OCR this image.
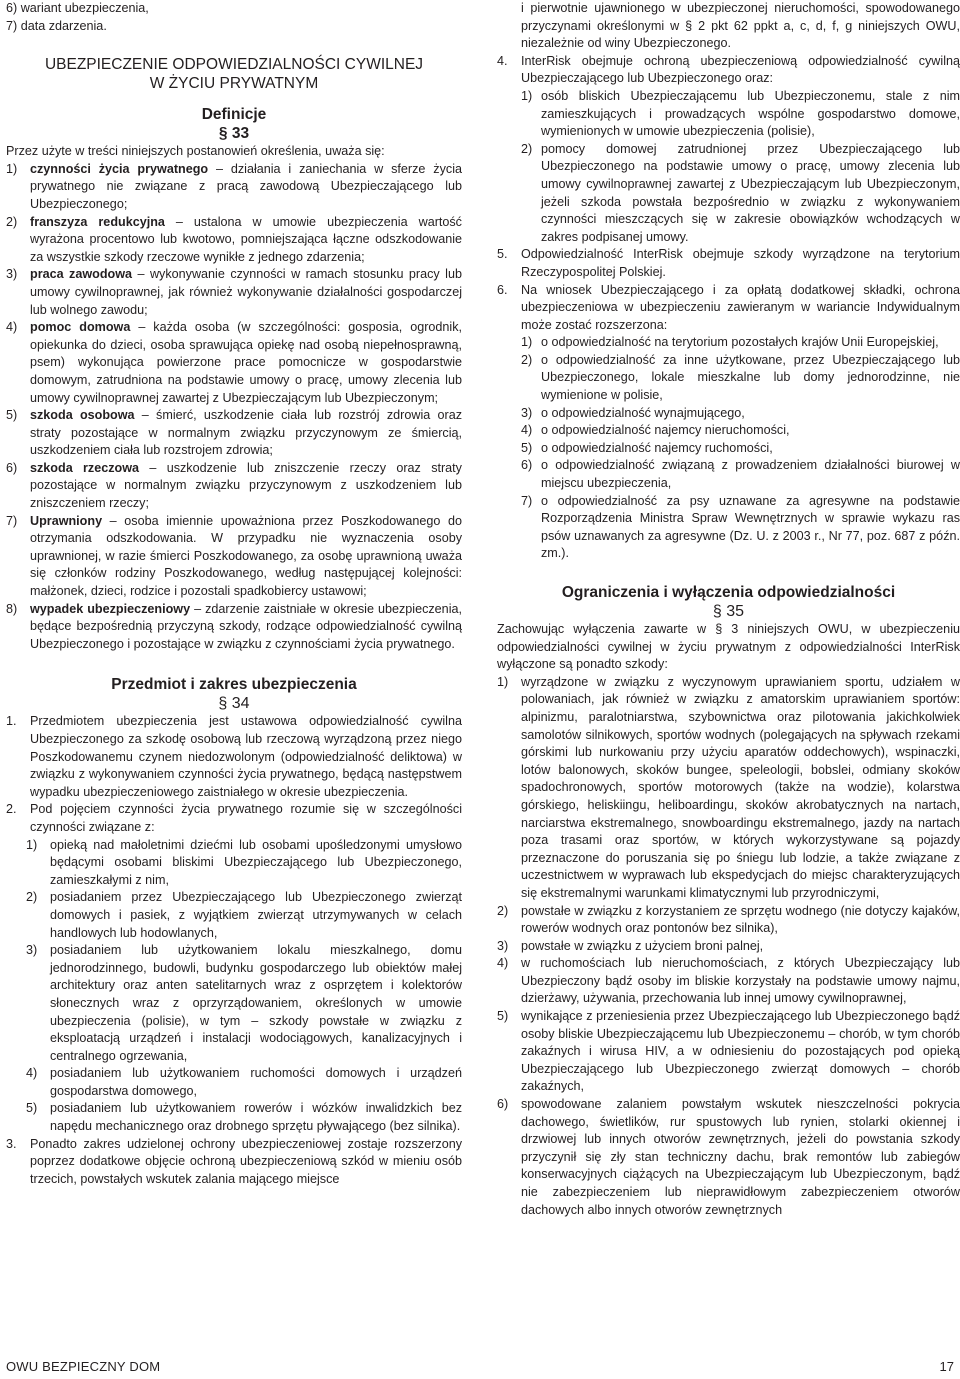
6) wariant ubezpieczenia,

7) data zdarzenia.

UBEZPIECZENIE ODPOWIEDZIALNOŚCI CYWILNEJ

W ŻYCIU PRYWATNYM

Definicje

§ 33

Przez użyte w treści niniejszych postanowień określenia, uważa się:

1) czynności życia prywatnego – działania i zaniechania w sferze życia prywatnego nie związane z pracą zawodową Ubezpieczającego lub Ubezpieczonego;
2) franszyza redukcyjna – ustalona w umowie ubezpieczenia wartość wyrażona procentowo lub kwotowo, pomniejszająca łączne odszkodowanie za wszystkie szkody rzeczowe wynikłe z jednego zdarzenia;
3) praca zawodowa – wykonywanie czynności w ramach stosunku pracy lub umowy cywilnoprawnej, jak również wykonywanie działalności gospodarczej lub wolnego zawodu;
4) pomoc domowa – każda osoba (w szczególności: gosposia, ogrodnik, opiekunka do dzieci, osoba sprawująca opiekę nad osobą niepełnosprawną, psem) wykonująca powierzone prace pomocnicze w gospodarstwie domowym, zatrudniona na podstawie umowy o pracę, umowy zlecenia lub umowy cywilnoprawnej zawartej z Ubezpieczającym lub Ubezpieczonym;
5) szkoda osobowa – śmierć, uszkodzenie ciała lub rozstrój zdrowia oraz straty pozostające w normalnym związku przyczynowym ze śmiercią, uszkodzeniem ciała lub rozstrojem zdrowia;
6) szkoda rzeczowa – uszkodzenie lub zniszczenie rzeczy oraz straty pozostające w normalnym związku przyczynowym z uszkodzeniem lub zniszczeniem rzeczy;
7) Uprawniony – osoba imiennie upoważniona przez Poszkodowanego do otrzymania odszkodowania. W przypadku nie wyznaczenia osoby uprawnionej, w razie śmierci Poszkodowanego, za osobę uprawnioną uważa się członków rodziny Poszkodowanego, według następującej kolejności: małżonek, dzieci, rodzice i pozostali spadkobiercy ustawowi;
8) wypadek ubezpieczeniowy – zdarzenie zaistniałe w okresie ubezpieczenia, będące bezpośrednią przyczyną szkody, rodzące odpowiedzialność cywilną Ubezpieczonego i pozostające w związku z czynnościami życia prywatnego.

Przedmiot i zakres ubezpieczenia

§ 34

1. Przedmiotem ubezpieczenia jest ustawowa odpowiedzialność cywilna Ubezpieczonego za szkodę osobową lub rzeczową wyrządzoną przez niego Poszkodowanemu czynem niedozwolonym (odpowiedzialność deliktowa) w związku z wykonywaniem czynności życia prywatnego, będącą następstwem wypadku ubezpieczeniowego zaistniałego w okresie ubezpieczenia.
2. Pod pojęciem czynności życia prywatnego rozumie się w szczególności czynności związane z:
1) opieką nad małoletnimi dziećmi lub osobami upośledzonymi umysłowo będącymi osobami bliskimi Ubezpieczającego lub Ubezpieczonego, zamieszkałymi z nim,
2) posiadaniem przez Ubezpieczającego lub Ubezpieczonego zwierząt domowych i pasiek, z wyjątkiem zwierząt utrzymywanych w celach handlowych lub hodowlanych,
3) posiadaniem lub użytkowaniem lokalu mieszkalnego, domu jednorodzinnego, budowli, budynku gospodarczego lub obiektów małej architektury oraz anten satelitarnych wraz z osprzętem i kolektorów słonecznych wraz z oprzyrządowaniem, określonych w umowie ubezpieczenia (polisie), w tym – szkody powstałe w związku z eksploatacją urządzeń i instalacji wodociągowych, kanalizacyjnych i centralnego ogrzewania,
4) posiadaniem lub użytkowaniem ruchomości domowych i urządzeń gospodarstwa domowego,
5) posiadaniem lub użytkowaniem rowerów i wózków inwalidzkich bez napędu mechanicznego oraz drobnego sprzętu pływającego (bez silnika).
3. Ponadto zakres udzielonej ochrony ubezpieczeniowej zostaje rozszerzony poprzez dodatkowe objęcie ochroną ubezpieczeniową szkód w mieniu osób trzecich, powstałych wskutek zalania mającego miejsce

i pierwotnie ujawnionego w ubezpieczonej nieruchomości, spowodowanego przyczynami określonymi w § 2 pkt 62 ppkt a, c, d, f, g niniejszych OWU, niezależnie od winy Ubezpieczonego.

4. InterRisk obejmuje ochroną ubezpieczeniową odpowiedzialność cywilną Ubezpieczającego lub Ubezpieczonego oraz:
1) osób bliskich Ubezpieczającemu lub Ubezpieczonemu, stale z nim zamieszkujących i prowadzących wspólne gospodarstwo domowe, wymienionych w umowie ubezpieczenia (polisie),
2) pomocy domowej zatrudnionej przez Ubezpieczającego lub Ubezpieczonego na podstawie umowy o pracę, umowy zlecenia lub umowy cywilnoprawnej zawartej z Ubezpieczającym lub Ubezpieczonym, jeżeli szkoda powstała bezpośrednio w związku z wykonywaniem czynności mieszczących się w zakresie obowiązków wchodzących w zakres podpisanej umowy.
5. Odpowiedzialność InterRisk obejmuje szkody wyrządzone na terytorium Rzeczypospolitej Polskiej.
6. Na wniosek Ubezpieczającego i za opłatą dodatkowej składki, ochrona ubezpieczeniowa w ubezpieczeniu zawieranym w wariancie Indywidualnym może zostać rozszerzona:
1) o odpowiedzialność na terytorium pozostałych krajów Unii Europejskiej,
2) o odpowiedzialność za inne użytkowane, przez Ubezpieczającego lub Ubezpieczonego, lokale mieszkalne lub domy jednorodzinne, nie wymienione w polisie,
3) o odpowiedzialność wynajmującego,
4) o odpowiedzialność najemcy nieruchomości,
5) o odpowiedzialność najemcy ruchomości,
6) o odpowiedzialność związaną z prowadzeniem działalności biurowej w miejscu ubezpieczenia,
7) o odpowiedzialność za psy uznawane za agresywne na podstawie Rozporządzenia Ministra Spraw Wewnętrznych w sprawie wykazu ras psów uznawanych za agresywne (Dz. U. z 2003 r., Nr 77, poz. 687 z późn. zm.).

Ograniczenia i wyłączenia odpowiedzialności

§ 35

Zachowując wyłączenia zawarte w § 3 niniejszych OWU, w ubezpieczeniu odpowiedzialności cywilnej w życiu prywatnym z odpowiedzialności InterRisk wyłączone są ponadto szkody:

1) wyrządzone w związku z wyczynowym uprawianiem sportu, udziałem w polowaniach, jak również w związku z amatorskim uprawianiem sportów: alpinizmu, paralotniarstwa, szybownictwa oraz pilotowania jakichkolwiek samolotów silnikowych, sportów wodnych (polegających na spływach rzekami górskimi lub nurkowaniu przy użyciu aparatów oddechowych), wspinaczki, lotów balonowych, skoków bungee, speleologii, bobslei, odmiany skoków spadochronowych, sportów motorowych (także na wodzie), kolarstwa górskiego, heliskiingu, heliboardingu, skoków akrobatycznych na nartach, narciarstwa ekstremalnego, snowboardingu ekstremalnego, jazdy na nartach poza trasami oraz sportów, w których wykorzystywane są pojazdy przeznaczone do poruszania się po śniegu lub lodzie, a także związane z uczestnictwem w wyprawach lub ekspedycjach do miejsc charakteryzujących się ekstremalnymi warunkami klimatycznymi lub przyrodniczymi,
2) powstałe w związku z korzystaniem ze sprzętu wodnego (nie dotyczy kajaków, rowerów wodnych oraz pontonów bez silnika),
3) powstałe w związku z użyciem broni palnej,
4) w ruchomościach lub nieruchomościach, z których Ubezpieczający lub Ubezpieczony bądź osoby im bliskie korzystały na podstawie umowy najmu, dzierżawy, używania, przechowania lub innej umowy cywilnoprawnej,
5) wynikające z przeniesienia przez Ubezpieczającego lub Ubezpieczonego bądź osoby bliskie Ubezpieczającemu lub Ubezpieczonemu – chorób, w tym chorób zakaźnych i wirusa HIV, a w odniesieniu do pozostających pod opieką Ubezpieczającego lub Ubezpieczonego zwierząt domowych – chorób zakaźnych,
6) spowodowane zalaniem powstałym wskutek nieszczelności pokrycia dachowego, świetlików, rur spustowych lub rynien, stolarki okiennej i drzwiowej lub innych otworów zewnętrznych, jeżeli do powstania szkody przyczynił się zły stan techniczny dachu, brak remontów lub zabiegów konserwacyjnych ciążących na Ubezpieczającym lub Ubezpieczonym, bądź nie zabezpieczeniem lub nieprawidłowym zabezpieczeniem otworów dachowych albo innych otworów zewnętrznych
OWU BEZPIECZNY DOM	17
